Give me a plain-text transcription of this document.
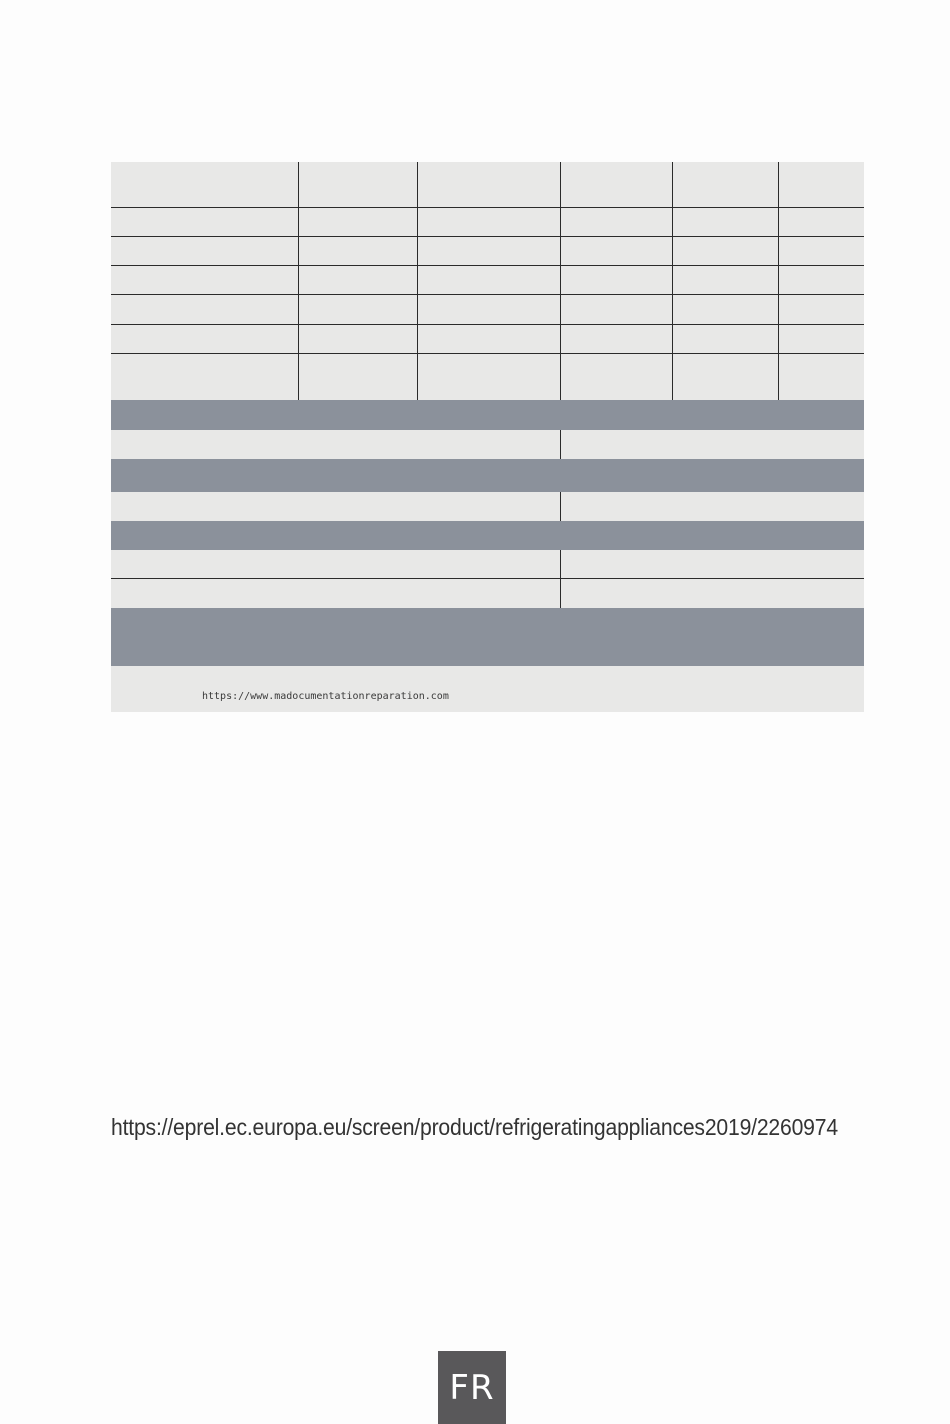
https://www.madocumentationreparation.com
https://eprel.ec.europa.eu/screen/product/refrigeratingappliances2019/2260974
FR
